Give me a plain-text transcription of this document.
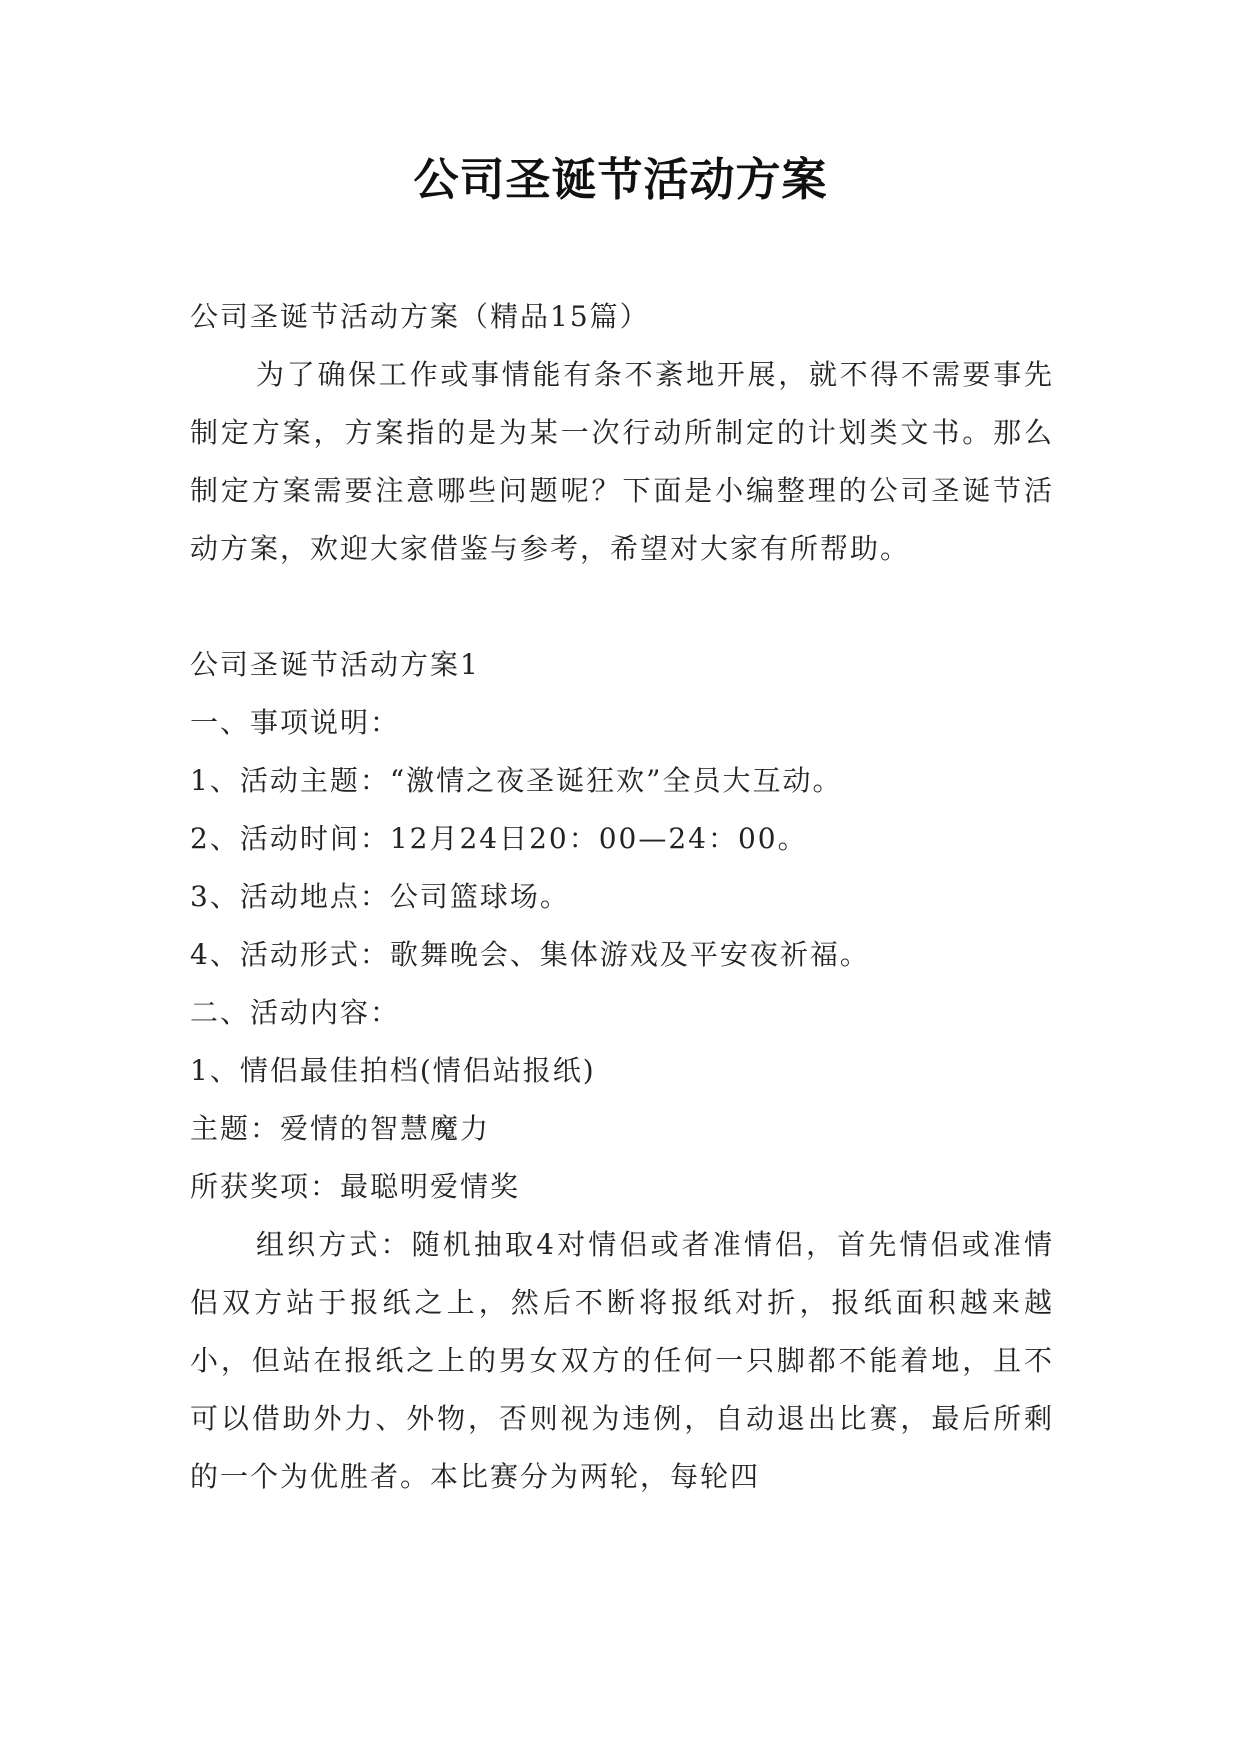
公司圣诞节活动方案

公司圣诞节活动方案（精品15篇）

为了确保工作或事情能有条不紊地开展，就不得不需要事先制定方案，方案指的是为某一次行动所制定的计划类文书。那么制定方案需要注意哪些问题呢？下面是小编整理的公司圣诞节活动方案，欢迎大家借鉴与参考，希望对大家有所帮助。

公司圣诞节活动方案1

一、事项说明：

1、活动主题：“激情之夜圣诞狂欢”全员大互动。

2、活动时间：12月24日20：00—24：00。

3、活动地点：公司篮球场。

4、活动形式：歌舞晚会、集体游戏及平安夜祈福。

二、活动内容：

1、情侣最佳拍档(情侣站报纸)

主题：爱情的智慧魔力

所获奖项：最聪明爱情奖

组织方式：随机抽取4对情侣或者准情侣，首先情侣或准情侣双方站于报纸之上，然后不断将报纸对折，报纸面积越来越小，但站在报纸之上的男女双方的任何一只脚都不能着地，且不可以借助外力、外物，否则视为违例，自动退出比赛，最后所剩的一个为优胜者。本比赛分为两轮，每轮四
